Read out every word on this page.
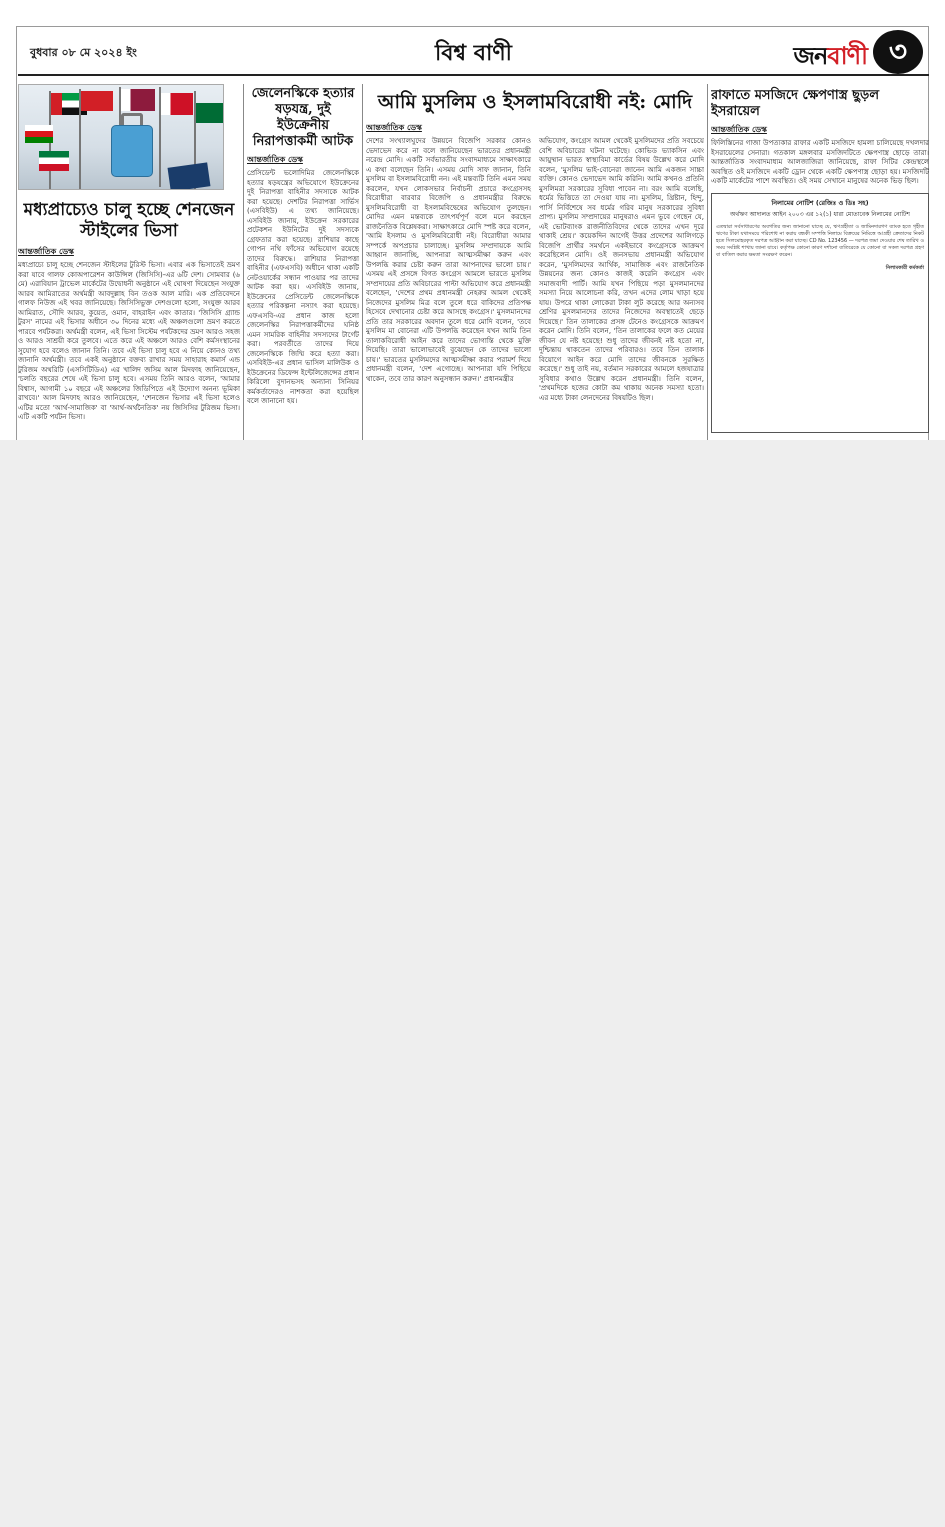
বুধবার ০৮ মে ২০২৪ ইং	বিশ্ব বাণী	জনবাণী ৩
মধ্যপ্রাচ্যেও চালু হচ্ছে শেনজেন স্টাইলের ভিসা
আন্তর্জাতিক ডেস্ক
মধ্যপ্রাচ্যে চালু হচ্ছে শেনজেন স্টাইলের টুরিস্ট ভিসা। এবার এক ভিসাতেই ভ্রমণ করা যাবে গালফ কোঅপারেশন কাউন্সিল (জিসিসি)-এর ৬টি দেশ। সোমবার (৬ মে) এরাবিয়ান ট্রাভেল মার্কেটের উদ্বোধনী অনুষ্ঠানে এই ঘোষণা দিয়েছেন সংযুক্ত আরব আমিরাতের অর্থমন্ত্রী আবদুল্লাহ বিন তওক আল মারি। এক প্রতিবেদনে গালফ নিউজ এই খবর জানিয়েছে। জিসিসিভুক্ত দেশগুলো হলো, সংযুক্ত আরব আমিরাত, সৌদি আরব, কুয়েত, ওমান, বাহরাইন এবং কাতার। 'জিসিসি গ্র্যান্ড টুরস' নামের এই ভিসার অধীনে ৩০ দিনের মধ্যে এই অঞ্চলগুলো ভ্রমণ করতে পারবে পর্যটকরা। অর্থমন্ত্রী বলেন, এই ভিসা সিস্টেম পর্যটকদের ভ্রমণ আরও সহজ ও আরও সাশ্রয়ী করে তুলবে। এতে করে এই অঞ্চলে আরও বেশি কর্মসংস্থানের সুযোগ হবে বলেও জানান তিনি। তবে এই ভিসা চালু হবে এ নিয়ে কোনও তথ্য জানানি অর্থমন্ত্রী। তবে একই অনুষ্ঠানে বক্তব্য রাখার সময় সাহারাহ কমার্স এন্ড টুরিজম অথরিটি (এসসিটিডিএ) এর খালিদ জসিম আল মিদফাহ জানিয়েছেন, 'চলতি বছরের শেষে এই ভিসা চালু হবে। এসময় তিনি আরও বলেন, 'আমার বিশ্বাস, আগামী ১০ বছরে এই অঞ্চলের জিডিপিতে এই উদ্যোগ অনন্য ভূমিকা রাখবে।' আল মিদফাহ আরও জানিয়েছেন, 'শেনজেন ভিসার এই ভিসা হলেও এটির মতো 'আর্থ-সামাজিক' বা 'আর্থ-অর্থনৈতিক' নয় জিসিসির টুরিজম ভিসা। এটি একটি পর্যটন ভিসা।
জেলেনস্কিকে হত্যার ষড়যন্ত্র, দুই ইউক্রেনীয় নিরাপত্তাকর্মী আটক
আন্তর্জাতিক ডেস্ক
প্রেসিডেন্ট ভলোদিমির জেলেনস্কিকে হত্যার ষড়যন্ত্রের অভিযোগে ইউক্রেনের দুই নিরাপত্তা বাহিনীর সদস্যকে আটক করা হয়েছে। দেশটির নিরাপত্তা সার্ভিস (এসবিইউ) এ তথ্য জানিয়েছে। এসবিইউ জানায়, ইউক্রেন সরকারের প্রটেকশন ইউনিটের দুই সদস্যকে গ্রেফতার করা হয়েছে। রাশিয়ার কাছে গোপন নথি ফাঁসের অভিযোগ রয়েছে তাদের বিরুদ্ধে। রাশিয়ার নিরাপত্তা বাহিনীর (এফএসবি) অধীনে থাকা একটি নেটওয়ার্কের সন্ধান পাওয়ার পর তাদের আটক করা হয়। এসবিইউ জানায়, ইউক্রেনের প্রেসিডেন্ট জেলেনস্কিকে হত্যার পরিকল্পনা নস্যাৎ করা হয়েছে। এফএসবি-এর প্রধান কাজ হলো জেলেনস্কির নিরাপত্তাকর্মীদের ঘনিষ্ঠ এমন সামরিক বাহিনীর সদস্যদের টার্গেট করা। পরবর্তীতে তাদের দিয়ে জেলেনস্কিকে জিম্মি করে হত্যা করা। এসবিইউ-এর প্রধান ভাসিল মালিউক ও ইউক্রেনের ডিফেন্স ইন্টেলিজেন্সের প্রধান কিরিলো বুদানভসহ অন্যান্য সিনিয়র কর্মকর্তাদেরও নাশকতা করা হয়েছিল বলে জানানো হয়।
আমি মুসলিম ও ইসলামবিরোধী নই: মোদি
আন্তর্জাতিক ডেস্ক
দেশের সংখ্যালঘুদের উন্নয়নে বিজেপি সরকার কোনও ভেদাভেদ করে না বলে জানিয়েছেন ভারতের প্রধানমন্ত্রী নরেন্দ্র মোদি। একটি সর্বভারতীয় সংবাদমাধ্যমে সাক্ষাৎকারে এ কথা বলেছেন তিনি। এসময় মোদি সাফ জানান, তিনি মুসলিম বা ইসলামবিরোধী নন। এই মন্তব্যটি তিনি এমন সময় করলেন, যখন লোকসভার নির্বাচনী প্রচারে কংগ্রেসসহ বিরোধীরা বারবার বিজেপি ও প্রধানমন্ত্রীর বিরুদ্ধে মুসলিমবিরোধী বা ইসলামবিদ্বেষের অভিযোগ তুলছেন। মোদির এমন মন্তব্যকে তাৎপর্যপূর্ণ বলে মনে করছেন রাজনৈতিক বিশ্লেষকরা। সাক্ষাৎকারে মোদি স্পষ্ট করে বলেন, 'আমি ইসলাম ও মুসলিমবিরোধী নই। বিরোধীরা আমার সম্পর্কে অপপ্রচার চালাচ্ছে। মুসলিম সম্প্রদায়কে আমি আহ্বান জানাচ্ছি, আপনারা আত্মসমীক্ষা করুন এবং উপলব্ধি করার চেষ্টা করুন তারা আপনাদের ভালো চায়।' এসময় এই প্রসঙ্গে বিগত কংগ্রেস আমলে ভারতে মুসলিম সম্প্রদায়ের প্রতি অবিচারের পাল্টা অভিযোগ করে প্রধানমন্ত্রী বলেছেন, 'দেশের প্রথম প্রধানমন্ত্রী নেহরুর আমল থেকেই নিজেদের মুসলিম মিত্র বলে তুলে ধরে বাকিদের প্রতিপক্ষ হিসেবে দেখানোর চেষ্টা করে আসছে কংগ্রেস।' মুসলমানদের প্রতি তার সরকারের অবদান তুলে ধরে মোদি বলেন, 'তবে মুসলিম মা বোনেরা এটি উপলব্ধি করেছেন যখন আমি তিন তালাকবিরোধী আইন করে তাদের ভোগান্তি থেকে মুক্তি দিয়েছি। তারা ভালোভাবেই বুঝেছেন কে তাদের ভালো চায়।' ভারতের মুসলিমদের আত্মসমীক্ষা করার পরামর্শ দিয়ে প্রধানমন্ত্রী বলেন, 'দেশ এগোচ্ছে। আপনারা যদি পিছিয়ে থাকেন, তবে তার কারণ অনুসন্ধান করুন।' প্রধানমন্ত্রীর
অভিযোগ, কংগ্রেস আমল থেকেই মুসলিমদের প্রতি সবচেয়ে বেশি অবিচারের ঘটনা ঘটেছে। কোভিড ভ্যাকসিন এবং আয়ুষ্মান ভারত স্বাস্থ্যবিমা কার্ডের বিষয় উল্লেখ করে মোদি বলেন, 'মুসলিম ভাই-বোনেরা জানেন আমি একজন সাচ্চা ব্যক্তি। কোনও ভেদাভেদ আমি করিনি। আমি কখনও প্রতিনি মুসলিমরা সরকারের সুবিধা পাবেন না। বরং আমি বলেছি, ধর্মের ভিত্তিতে তা দেওয়া যায় না। মুসলিম, খ্রিষ্টান, হিন্দু, পার্সি নির্বিশেষে সব ধর্মের গরিব মানুষ সরকারের সুবিধা প্রাপ্য। মুসলিম সম্প্রদায়ের মানুষরাও এমন ভুবে গেছেন যে, এই ভোটব্যাংক রাজনীতিবিদের থেকে তাদের এখন দূরে থাকাই শ্রেয়।' কয়েকদিন আগেই উত্তর প্রদেশের আলিগড়ে বিজেপি প্রার্থীর সমর্থনে একইভাবে কংগ্রেসকে আক্রমণ করেছিলেন মোদি। ওই জনসভায় প্রধানমন্ত্রী অভিযোগ করেন, 'মুসলিমদের আর্থিক, সামাজিক এবং রাজনৈতিক উন্নয়নের জন্য কোনও কাজই করেনি কংগ্রেস এবং সমাজবাদী পার্টি। আমি যখন পিছিয়ে পড়া মুসলমানদের সমস্যা নিয়ে আলোচনা করি, তখন এদের লোম খাড়া হয়ে যায়। উপরে থাকা লোকেরা টাকা লুট করেছে আর অন্যসব শ্রেণির মুসলমানদের তাদের নিজেদের অবস্থাতেই ছেড়ে দিয়েছে।' তিন তালাকের প্রসঙ্গ টেনেও কংগ্রেসকে আক্রমণ করেন মোদি। তিনি বলেন, 'তিন তালাকের ফলে কত মেয়ের জীবন যে নষ্ট হয়েছে! শুধু তাদের জীবনই নষ্ট হতো না, দুশ্চিন্তায় থাকতেন তাদের পরিবারও। তবে তিন তালাক বিয়োগে আইন করে মোদি তাদের জীবনকে সুরক্ষিত করেছে।' শুধু তাই নয়, বর্তমান সরকারের আমলে হজযাত্রার সুবিধার কথাও উল্লেখ করেন প্রধানমন্ত্রী। তিনি বলেন, 'প্রথমদিকে হজের কোটা কম থাকায় অনেক সমস্যা হতো। এর মধ্যে টাকা লেনদেনের বিষয়টিও ছিল।
রাফাতে মসজিদে ক্ষেপণাস্ত্র ছুড়ল ইসরায়েল
আন্তর্জাতিক ডেস্ক
ফিলিস্তিনের গাজা উপত্যকার রাফার একটি মসজিদে হামলা চালিয়েছে দখলদার ইসরায়েলের সেনারা। গতকাল মঙ্গলবার মসজিদটিতে ক্ষেপণাস্ত্র ছোড়ে তারা। আন্তর্জাতিক সংবাদমাধ্যম আলজাজিরা জানিয়েছে, রাফা সিটির কেন্দ্রস্থলে অবস্থিত ওই মসজিদে একটি ড্রোন থেকে একটি ক্ষেপণাস্ত্র ছোড়া হয়। মসজিদটি একটি মার্কেটের পাশে অবস্থিত। ওই সময় সেখানে মানুষের অনেক ভিড় ছিল।
নিলামের নোটিশ (রেজিঃ ও ডিঃ সহ)
অর্থঋণ আদালত আইন ২০০৩ এর ১২(১) ধারা মোতাবেক নিলামের নোটিশ
এতদ্বারা সর্বসাধারণের অবগতির জন্য জানানো যাচ্ছে যে, ঋণগ্রহীতা ও জামিনদারগণ ব্যাংক হতে গৃহীত ঋণের টাকা যথাসময়ে পরিশোধ না করায় বন্ধকী সম্পত্তি নিলামে বিক্রয়ের নিমিত্তে আগ্রহী ক্রেতাদের নিকট হতে সিলমোহরকৃত দরপত্র আহ্বান করা যাচ্ছে। CD No. 123456 — দরপত্র জমা দেওয়ার শেষ তারিখ ও সময় সংশ্লিষ্ট শাখায় জানা যাবে। কর্তৃপক্ষ কোনো কারণ দর্শানো ব্যতিরেকে যে কোনো বা সকল দরপত্র গ্রহণ বা বাতিল করার ক্ষমতা সংরক্ষণ করেন।
নিলামকারী কর্মকর্তা
